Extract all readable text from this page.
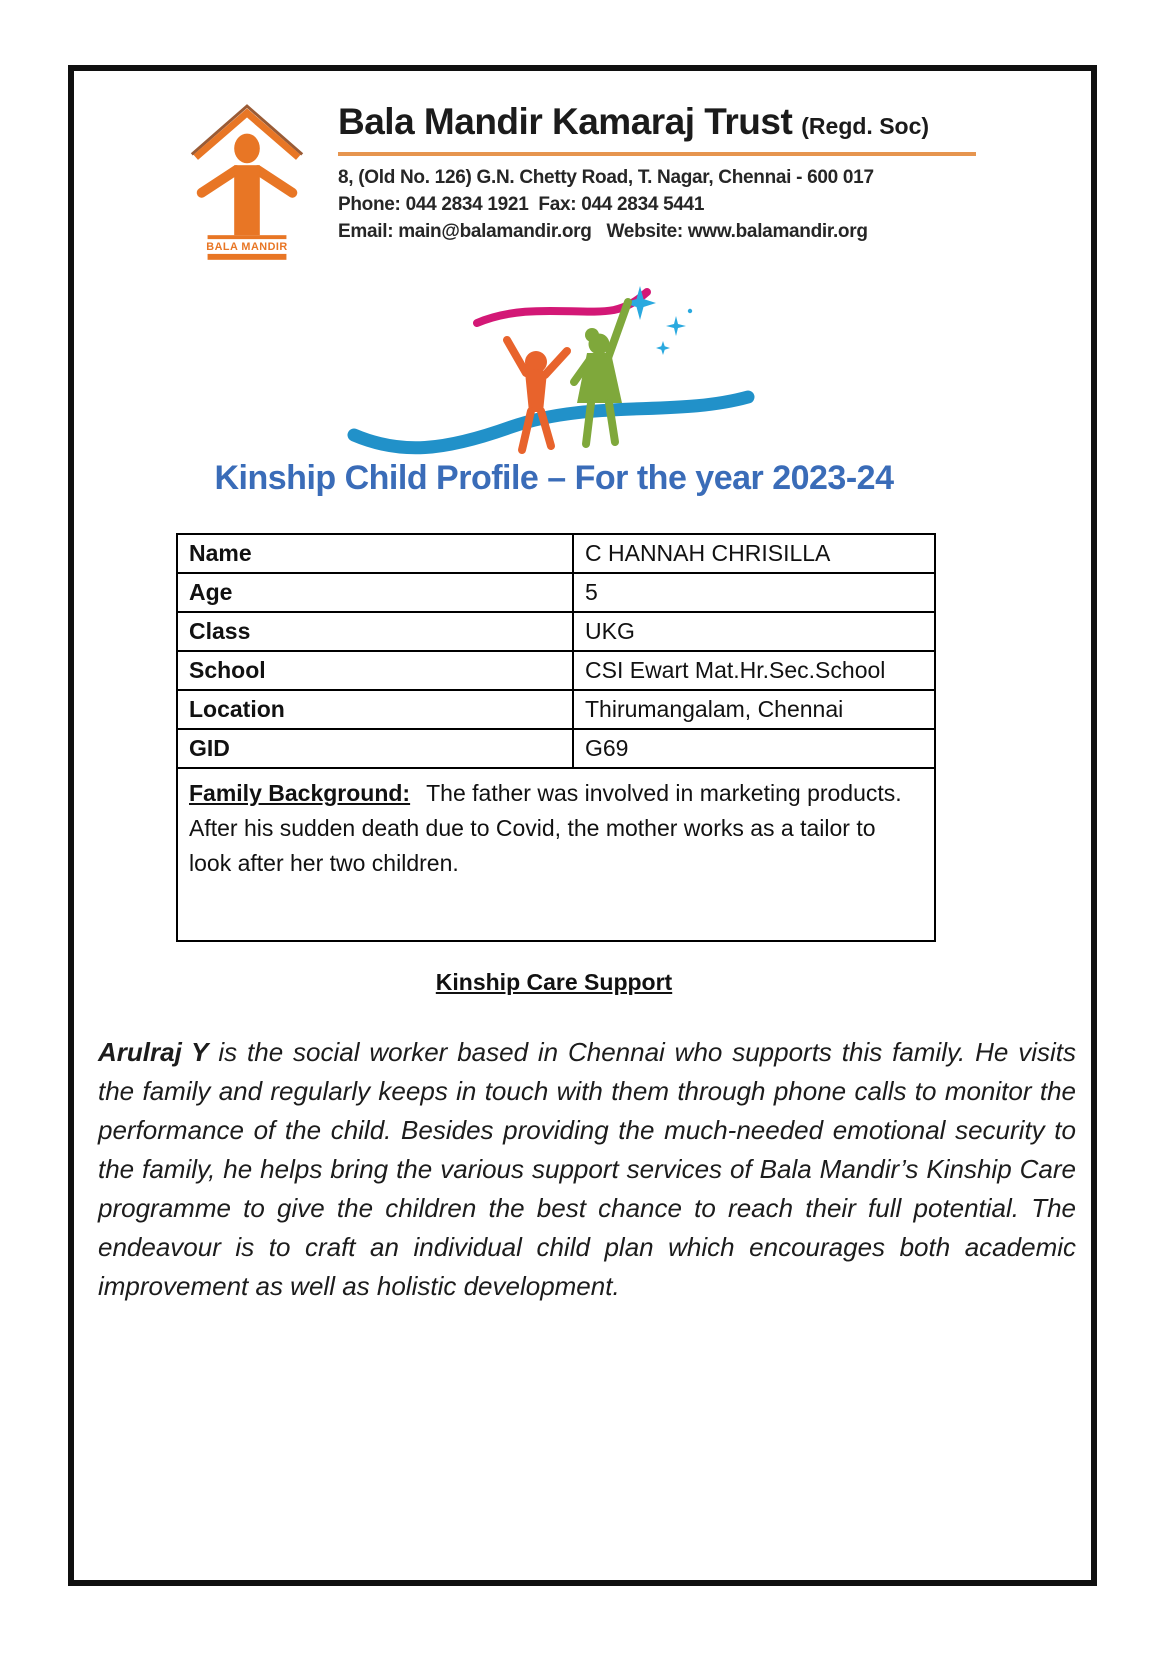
BALA MANDIR
Bala Mandir Kamaraj Trust (Regd. Soc)
8, (Old No. 126) G.N. Chetty Road, T. Nagar, Chennai - 600 017
Phone: 044 2834 1921  Fax: 044 2834 5441
Email: main@balamandir.org   Website: www.balamandir.org
Kinship Child Profile – For the year 2023-24
Name	C HANNAH CHRISILLA
Age	5
Class	UKG
School	CSI Ewart Mat.Hr.Sec.School
Location	Thirumangalam, Chennai
GID	G69
Family Background: The father was involved in marketing products. After his sudden death due to Covid, the mother works as a tailor to look after her two children.	
Kinship Care Support

Arulraj Y is the social worker based in Chennai who supports this family. He visits the family and regularly keeps in touch with them through phone calls to monitor the performance of the child. Besides providing the much-needed emotional security to the family, he helps bring the various support services of Bala Mandir’s Kinship Care programme to give the children the best chance to reach their full potential. The endeavour is to craft an individual child plan which encourages both academic improvement as well as holistic development.
